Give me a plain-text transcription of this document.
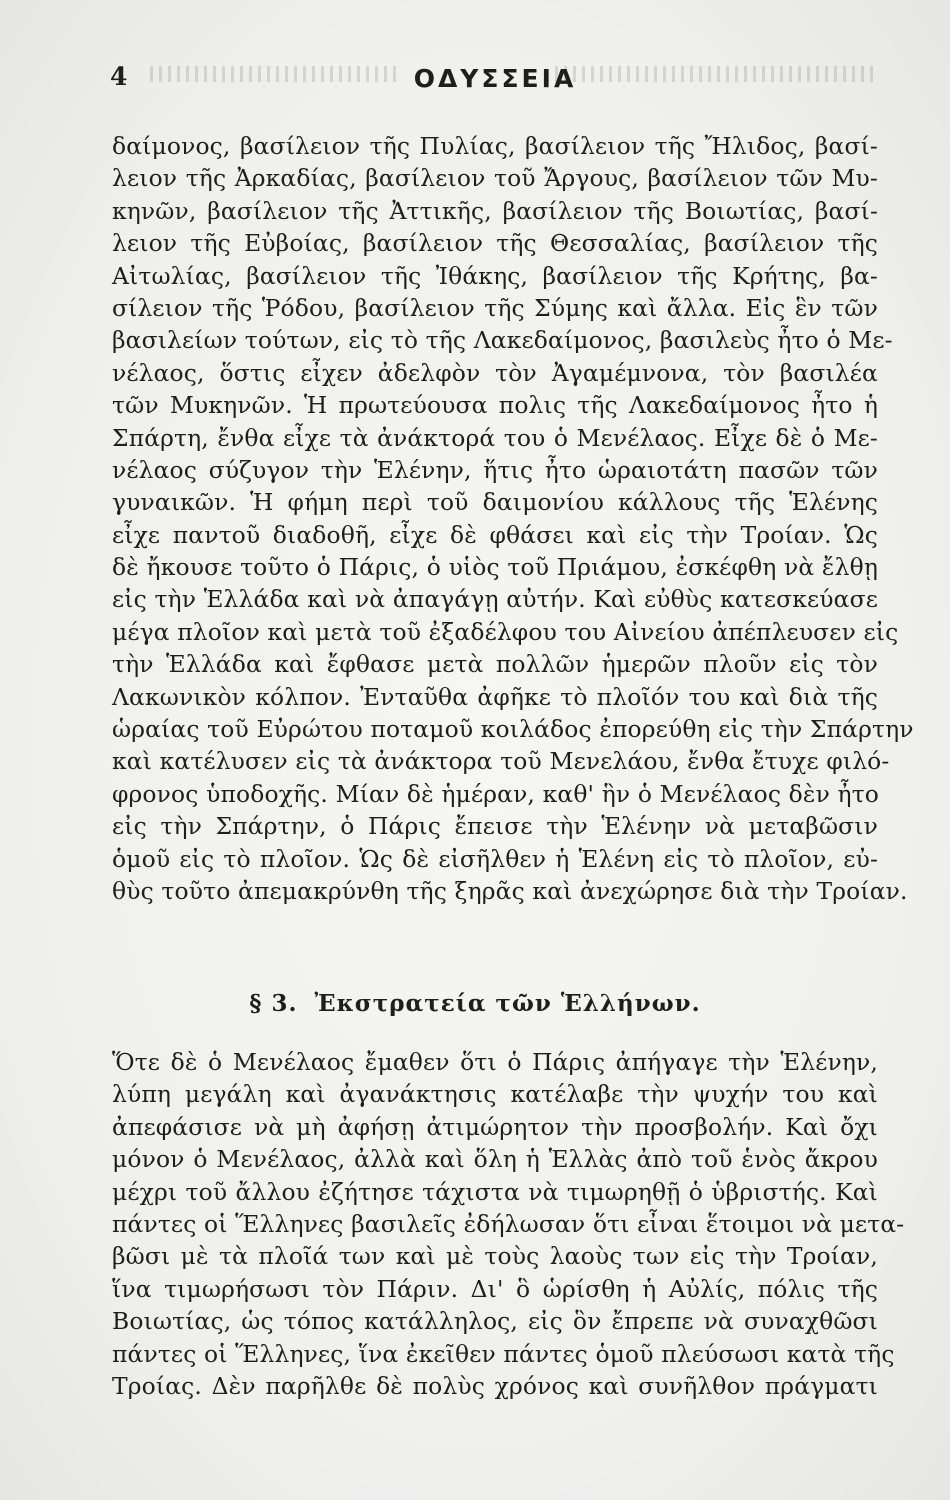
4	ΟΔΥΣΣΕΙΑ
δαίμονος, βασίλειον τῆς Πυλίας, βασίλειον τῆς Ἤλιδος, βασί-
λειον τῆς Ἀρκαδίας, βασίλειον τοῦ Ἄργους, βασίλειον τῶν Μυ-
κηνῶν, βασίλειον τῆς Ἀττικῆς, βασίλειον τῆς Βοιωτίας, βασί-
λειον τῆς Εὐβοίας, βασίλειον τῆς Θεσσαλίας, βασίλειον τῆς
Αἰτωλίας, βασίλειον τῆς Ἰθάκης, βασίλειον τῆς Κρήτης, βα-
σίλειον τῆς Ῥόδου, βασίλειον τῆς Σύμης καὶ ἄλλα. Εἰς ἓν τῶν
βασιλείων τούτων, εἰς τὸ τῆς Λακεδαίμονος, βασιλεὺς ἦτο ὁ Με-
νέλαος, ὅστις εἶχεν ἀδελφὸν τὸν Ἀγαμέμνονα, τὸν βασιλέα
τῶν Μυκηνῶν. Ἡ πρωτεύουσα πολις τῆς Λακεδαίμονος ἦτο ἡ
Σπάρτη, ἔνθα εἶχε τὰ ἀνάκτορά του ὁ Μενέλαος. Εἶχε δὲ ὁ Με-
νέλαος σύζυγον τὴν Ἑλένην, ἥτις ἦτο ὡραιοτάτη πασῶν τῶν
γυναικῶν. Ἡ φήμη περὶ τοῦ δαιμονίου κάλλους τῆς Ἑλένης
εἶχε παντοῦ διαδοθῆ, εἶχε δὲ φθάσει καὶ εἰς τὴν Τροίαν. Ὡς
δὲ ἤκουσε τοῦτο ὁ Πάρις, ὁ υἱὸς τοῦ Πριάμου, ἐσκέφθη νὰ ἔλθῃ
εἰς τὴν Ἑλλάδα καὶ νὰ ἀπαγάγῃ αὐτήν. Καὶ εὐθὺς κατεσκεύασε
μέγα πλοῖον καὶ μετὰ τοῦ ἐξαδέλφου του Αἰνείου ἀπέπλευσεν εἰς
τὴν Ἑλλάδα καὶ ἔφθασε μετὰ πολλῶν ἡμερῶν πλοῦν εἰς τὸν
Λακωνικὸν κόλπον. Ἐνταῦθα ἀφῆκε τὸ πλοῖόν του καὶ διὰ τῆς
ὡραίας τοῦ Εὐρώτου ποταμοῦ κοιλάδος ἐπορεύθη εἰς τὴν Σπάρτην
καὶ κατέλυσεν εἰς τὰ ἀνάκτορα τοῦ Μενελάου, ἔνθα ἔτυχε φιλό-
φρονος ὑποδοχῆς. Μίαν δὲ ἡμέραν, καθ' ἣν ὁ Μενέλαος δὲν ἦτο
εἰς τὴν Σπάρτην, ὁ Πάρις ἔπεισε τὴν Ἑλένην νὰ μεταβῶσιν
ὁμοῦ εἰς τὸ πλοῖον. Ὡς δὲ εἰσῆλθεν ἡ Ἑλένη εἰς τὸ πλοῖον, εὐ-
θὺς τοῦτο ἀπεμακρύνθη τῆς ξηρᾶς καὶ ἀνεχώρησε διὰ τὴν Τροίαν.
§ 3. Ἐκστρατεία τῶν Ἑλλήνων.
Ὅτε δὲ ὁ Μενέλαος ἔμαθεν ὅτι ὁ Πάρις ἀπήγαγε τὴν Ἑλένην,
λύπη μεγάλη καὶ ἀγανάκτησις κατέλαβε τὴν ψυχήν του καὶ
ἀπεφάσισε νὰ μὴ ἀφήσῃ ἀτιμώρητον τὴν προσβολήν. Καὶ ὄχι
μόνον ὁ Μενέλαος, ἀλλὰ καὶ ὅλη ἡ Ἑλλὰς ἀπὸ τοῦ ἑνὸς ἄκρου
μέχρι τοῦ ἄλλου ἐζήτησε τάχιστα νὰ τιμωρηθῇ ὁ ὑβριστής. Καὶ
πάντες οἱ Ἕλληνες βασιλεῖς ἐδήλωσαν ὅτι εἶναι ἕτοιμοι νὰ μετα-
βῶσι μὲ τὰ πλοῖά των καὶ μὲ τοὺς λαοὺς των εἰς τὴν Τροίαν,
ἵνα τιμωρήσωσι τὸν Πάριν. Δι' ὃ ὡρίσθη ἡ Αὐλίς, πόλις τῆς
Βοιωτίας, ὡς τόπος κατάλληλος, εἰς ὃν ἔπρεπε νὰ συναχθῶσι
πάντες οἱ Ἕλληνες, ἵνα ἐκεῖθεν πάντες ὁμοῦ πλεύσωσι κατὰ τῆς
Τροίας. Δὲν παρῆλθε δὲ πολὺς χρόνος καὶ συνῆλθον πράγματι
